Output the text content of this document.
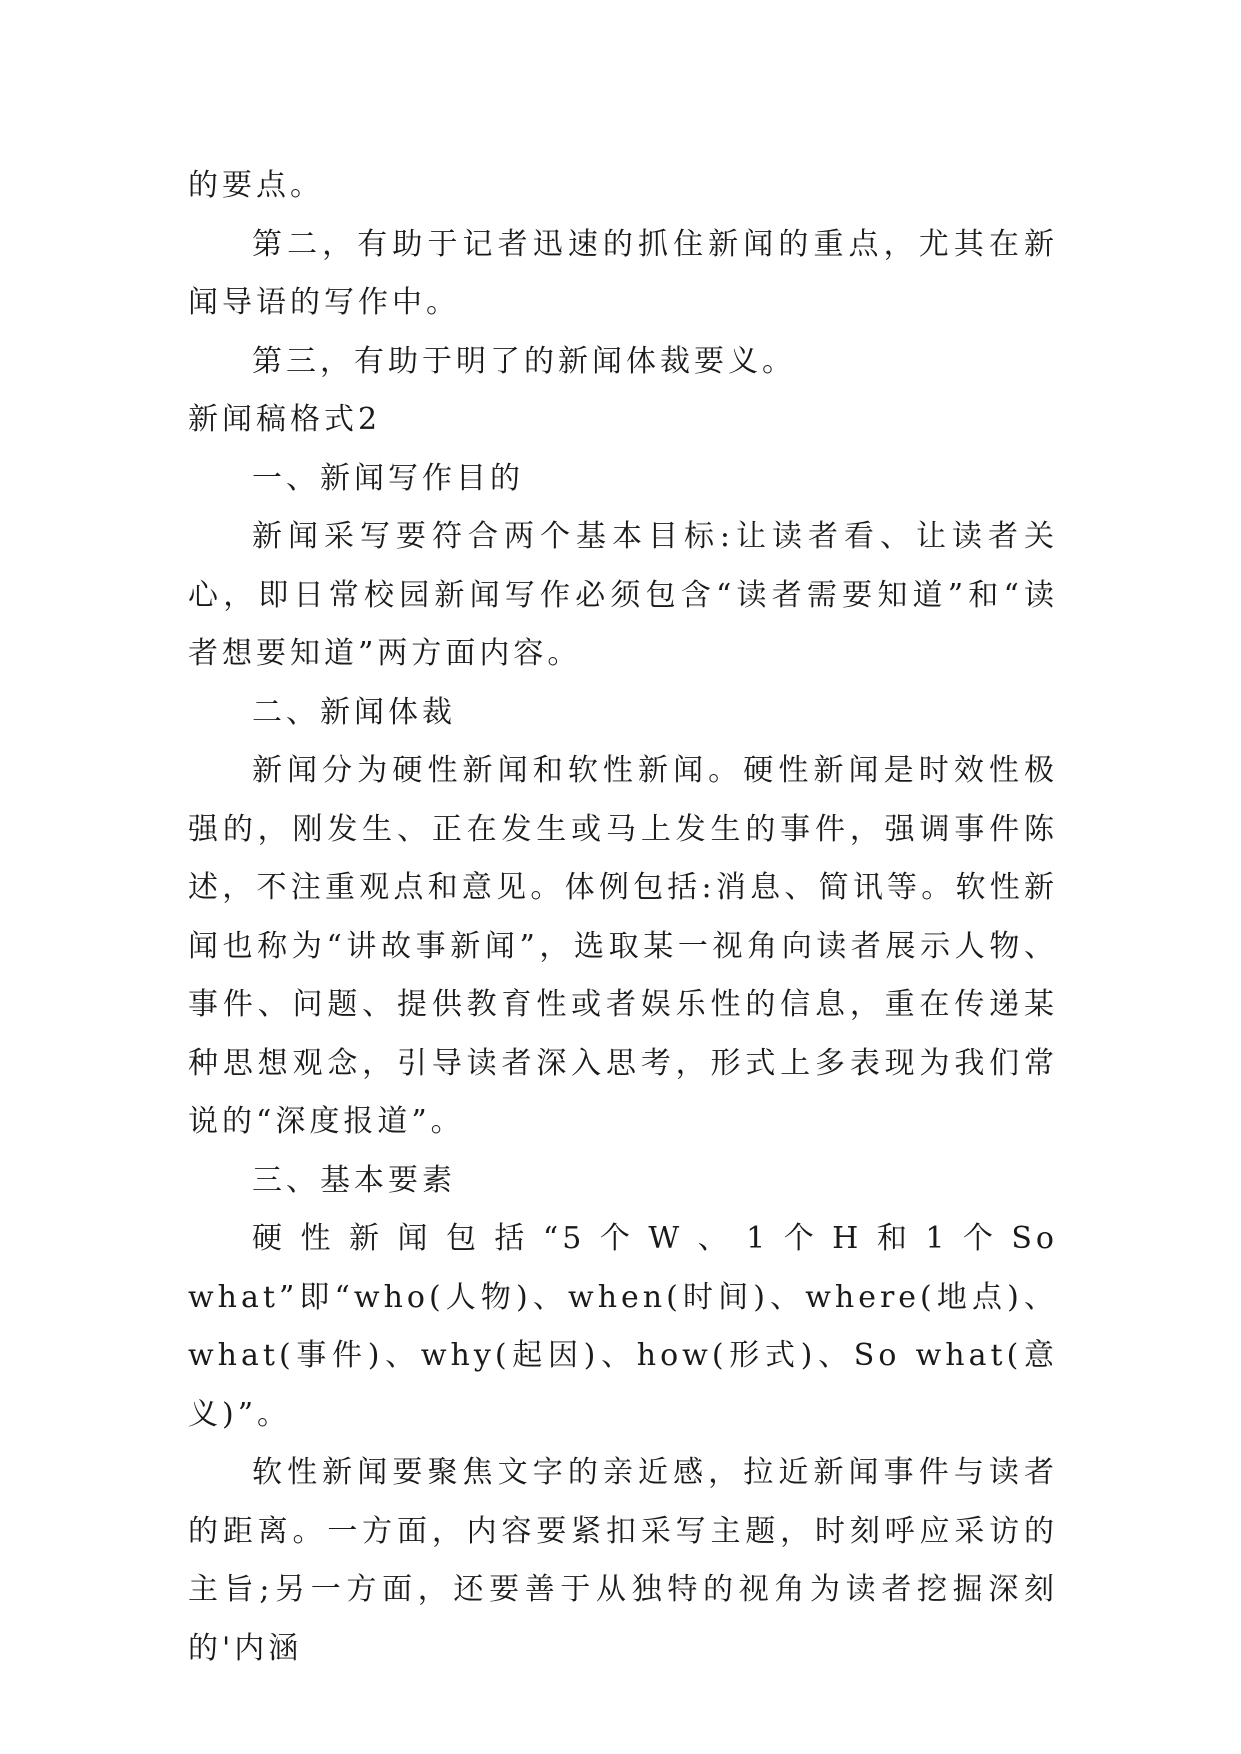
的要点。

第二，有助于记者迅速的抓住新闻的重点，尤其在新闻导语的写作中。

第三，有助于明了的新闻体裁要义。

新闻稿格式2

一、新闻写作目的

新闻采写要符合两个基本目标:让读者看、让读者关心，即日常校园新闻写作必须包含“读者需要知道”和“读者想要知道”两方面内容。

二、新闻体裁

新闻分为硬性新闻和软性新闻。硬性新闻是时效性极强的，刚发生、正在发生或马上发生的事件，强调事件陈述，不注重观点和意见。体例包括:消息、简讯等。软性新闻也称为“讲故事新闻”，选取某一视角向读者展示人物、事件、问题、提供教育性或者娱乐性的信息，重在传递某种思想观念，引导读者深入思考，形式上多表现为我们常说的“深度报道”。

三、基本要素

硬性新闻包括“5个W、1个H和1个So what”即“who(人物)、when(时间)、where(地点)、what(事件)、why(起因)、how(形式)、So what(意义)”。

软性新闻要聚焦文字的亲近感，拉近新闻事件与读者的距离。一方面，内容要紧扣采写主题，时刻呼应采访的主旨;另一方面，还要善于从独特的视角为读者挖掘深刻的'内涵
